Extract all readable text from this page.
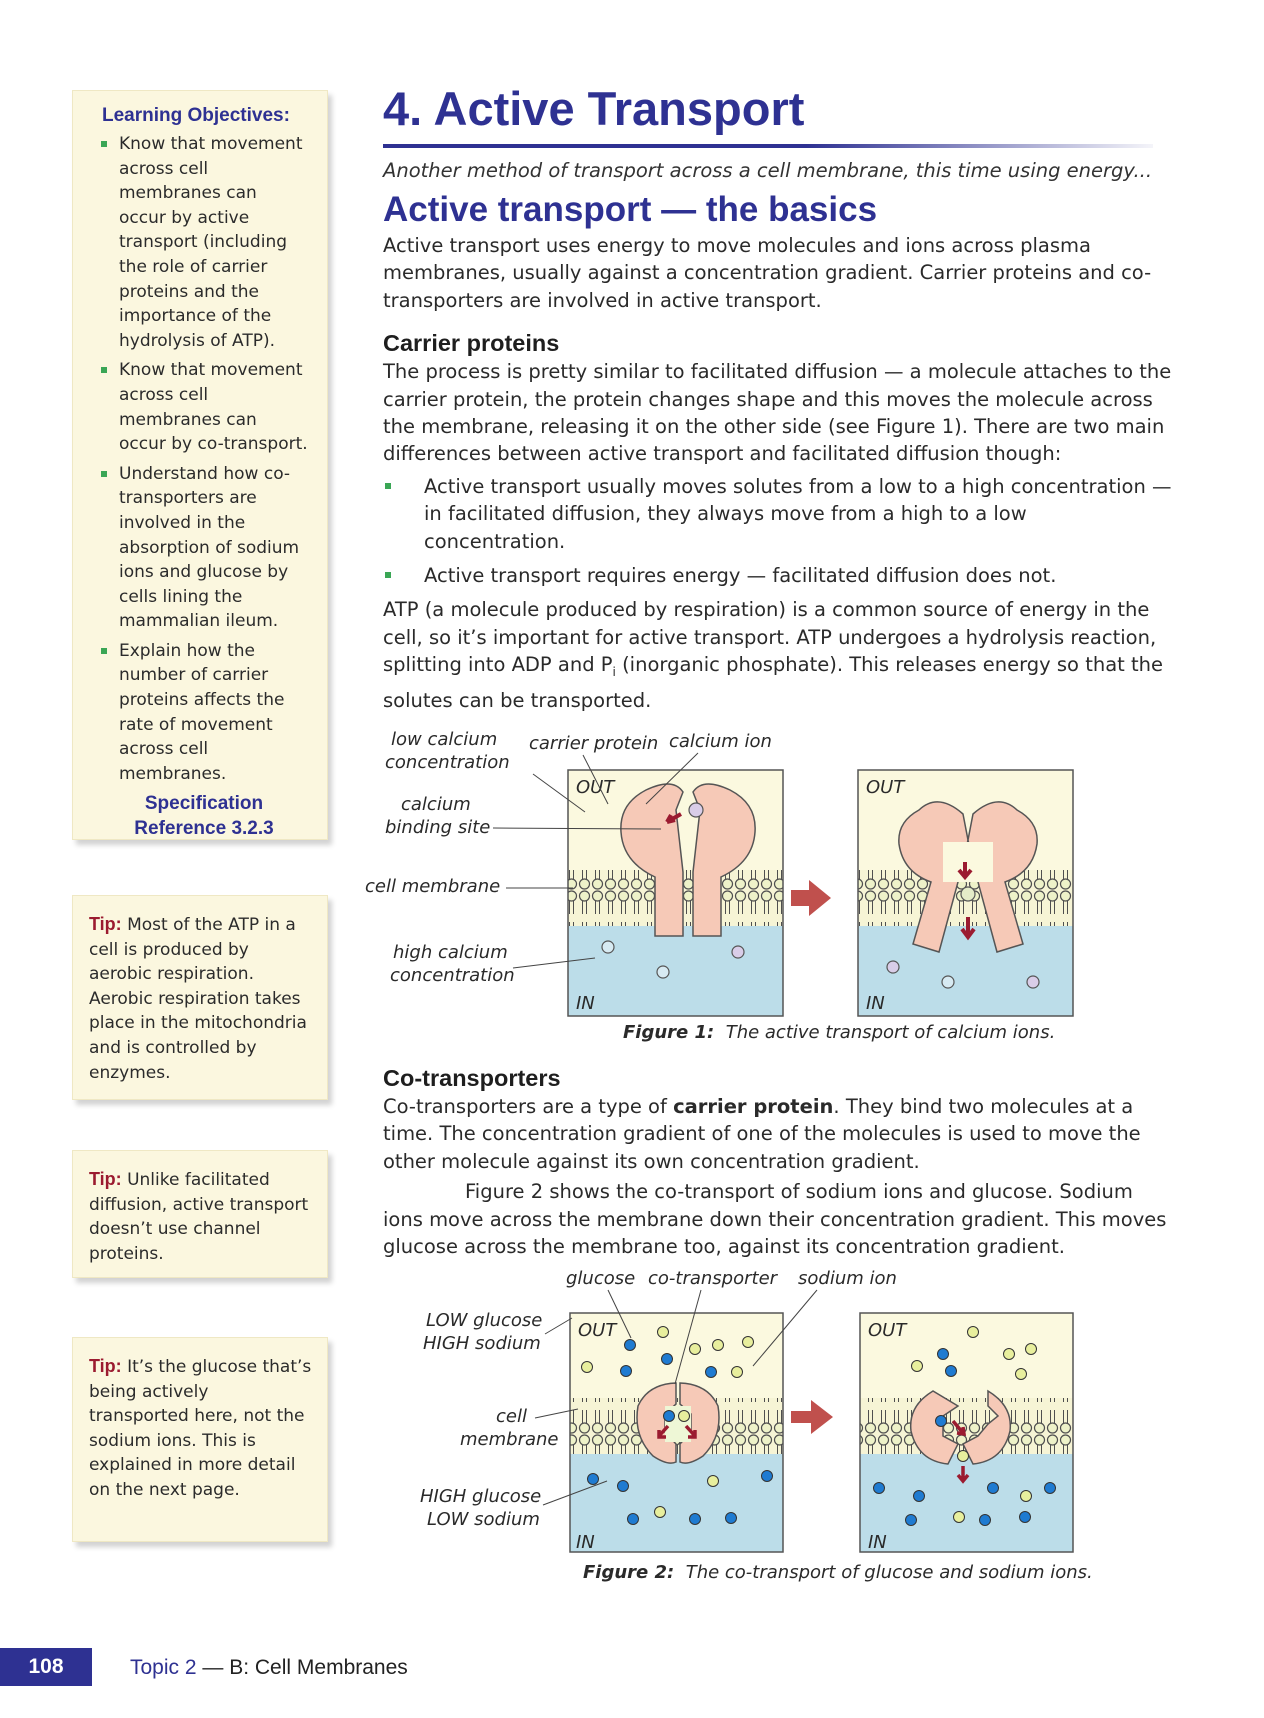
Learning Objectives:
Know that movement across cell membranes can occur by active transport (including the role of carrier proteins and the importance of the hydrolysis of ATP).
Know that movement across cell membranes can occur by co-transport.
Understand how co-transporters are involved in the absorption of sodium ions and glucose by cells lining the mammalian ileum.
Explain how the number of carrier proteins affects the rate of movement across cell membranes.
Specification
Reference 3.2.3
Tip: Most of the ATP in a cell is produced by aerobic respiration. Aerobic respiration takes place in the mitochondria and is controlled by enzymes.
Tip: Unlike facilitated diffusion, active transport doesn’t use channel proteins.
Tip: It’s the glucose that’s being actively transported here, not the sodium ions. This is explained in more detail on the next page.
4. Active Transport

Another method of transport across a cell membrane, this time using energy...

Active transport — the basics

Active transport uses energy to move molecules and ions across plasma membranes, usually against a concentration gradient. Carrier proteins and co-transporters are involved in active transport.

Carrier proteins

The process is pretty similar to facilitated diffusion — a molecule attaches to the carrier protein, the protein changes shape and this moves the molecule across the membrane, releasing it on the other side (see Figure 1). There are two main differences between active transport and facilitated diffusion though:

Active transport usually moves solutes from a low to a high concentration — in facilitated diffusion, they always move from a high to a low concentration.
Active transport requires energy — facilitated diffusion does not.

ATP (a molecule produced by respiration) is a common source of energy in the cell, so it’s important for active transport. ATP undergoes a hydrolysis reaction, splitting into ADP and $P_i$ (inorganic phosphate). This releases energy so that the solutes can be transported.

Co-transporters

Co-transporters are a type of carrier protein. They bind two molecules at a time. The concentration gradient of one of the molecules is used to move the other molecule against its own concentration gradient.

Figure 2 shows the co-transport of sodium ions and glucose. Sodium ions move across the membrane down their concentration gradient. This moves glucose across the membrane too, against its concentration gradient.

OUT
IN
OUT
IN
low calcium
concentration
carrier protein calcium ion
calcium
binding site
cell membrane
high calcium
concentration
Figure 1: The active transport of calcium ions.
OUT
IN
OUT
IN
glucose co-transporter sodium ion
LOW glucose
HIGH sodium
cell
membrane
HIGH glucose
LOW sodium
Figure 2: The co-transport of glucose and sodium ions.
108	Topic 2 — B: Cell Membranes
